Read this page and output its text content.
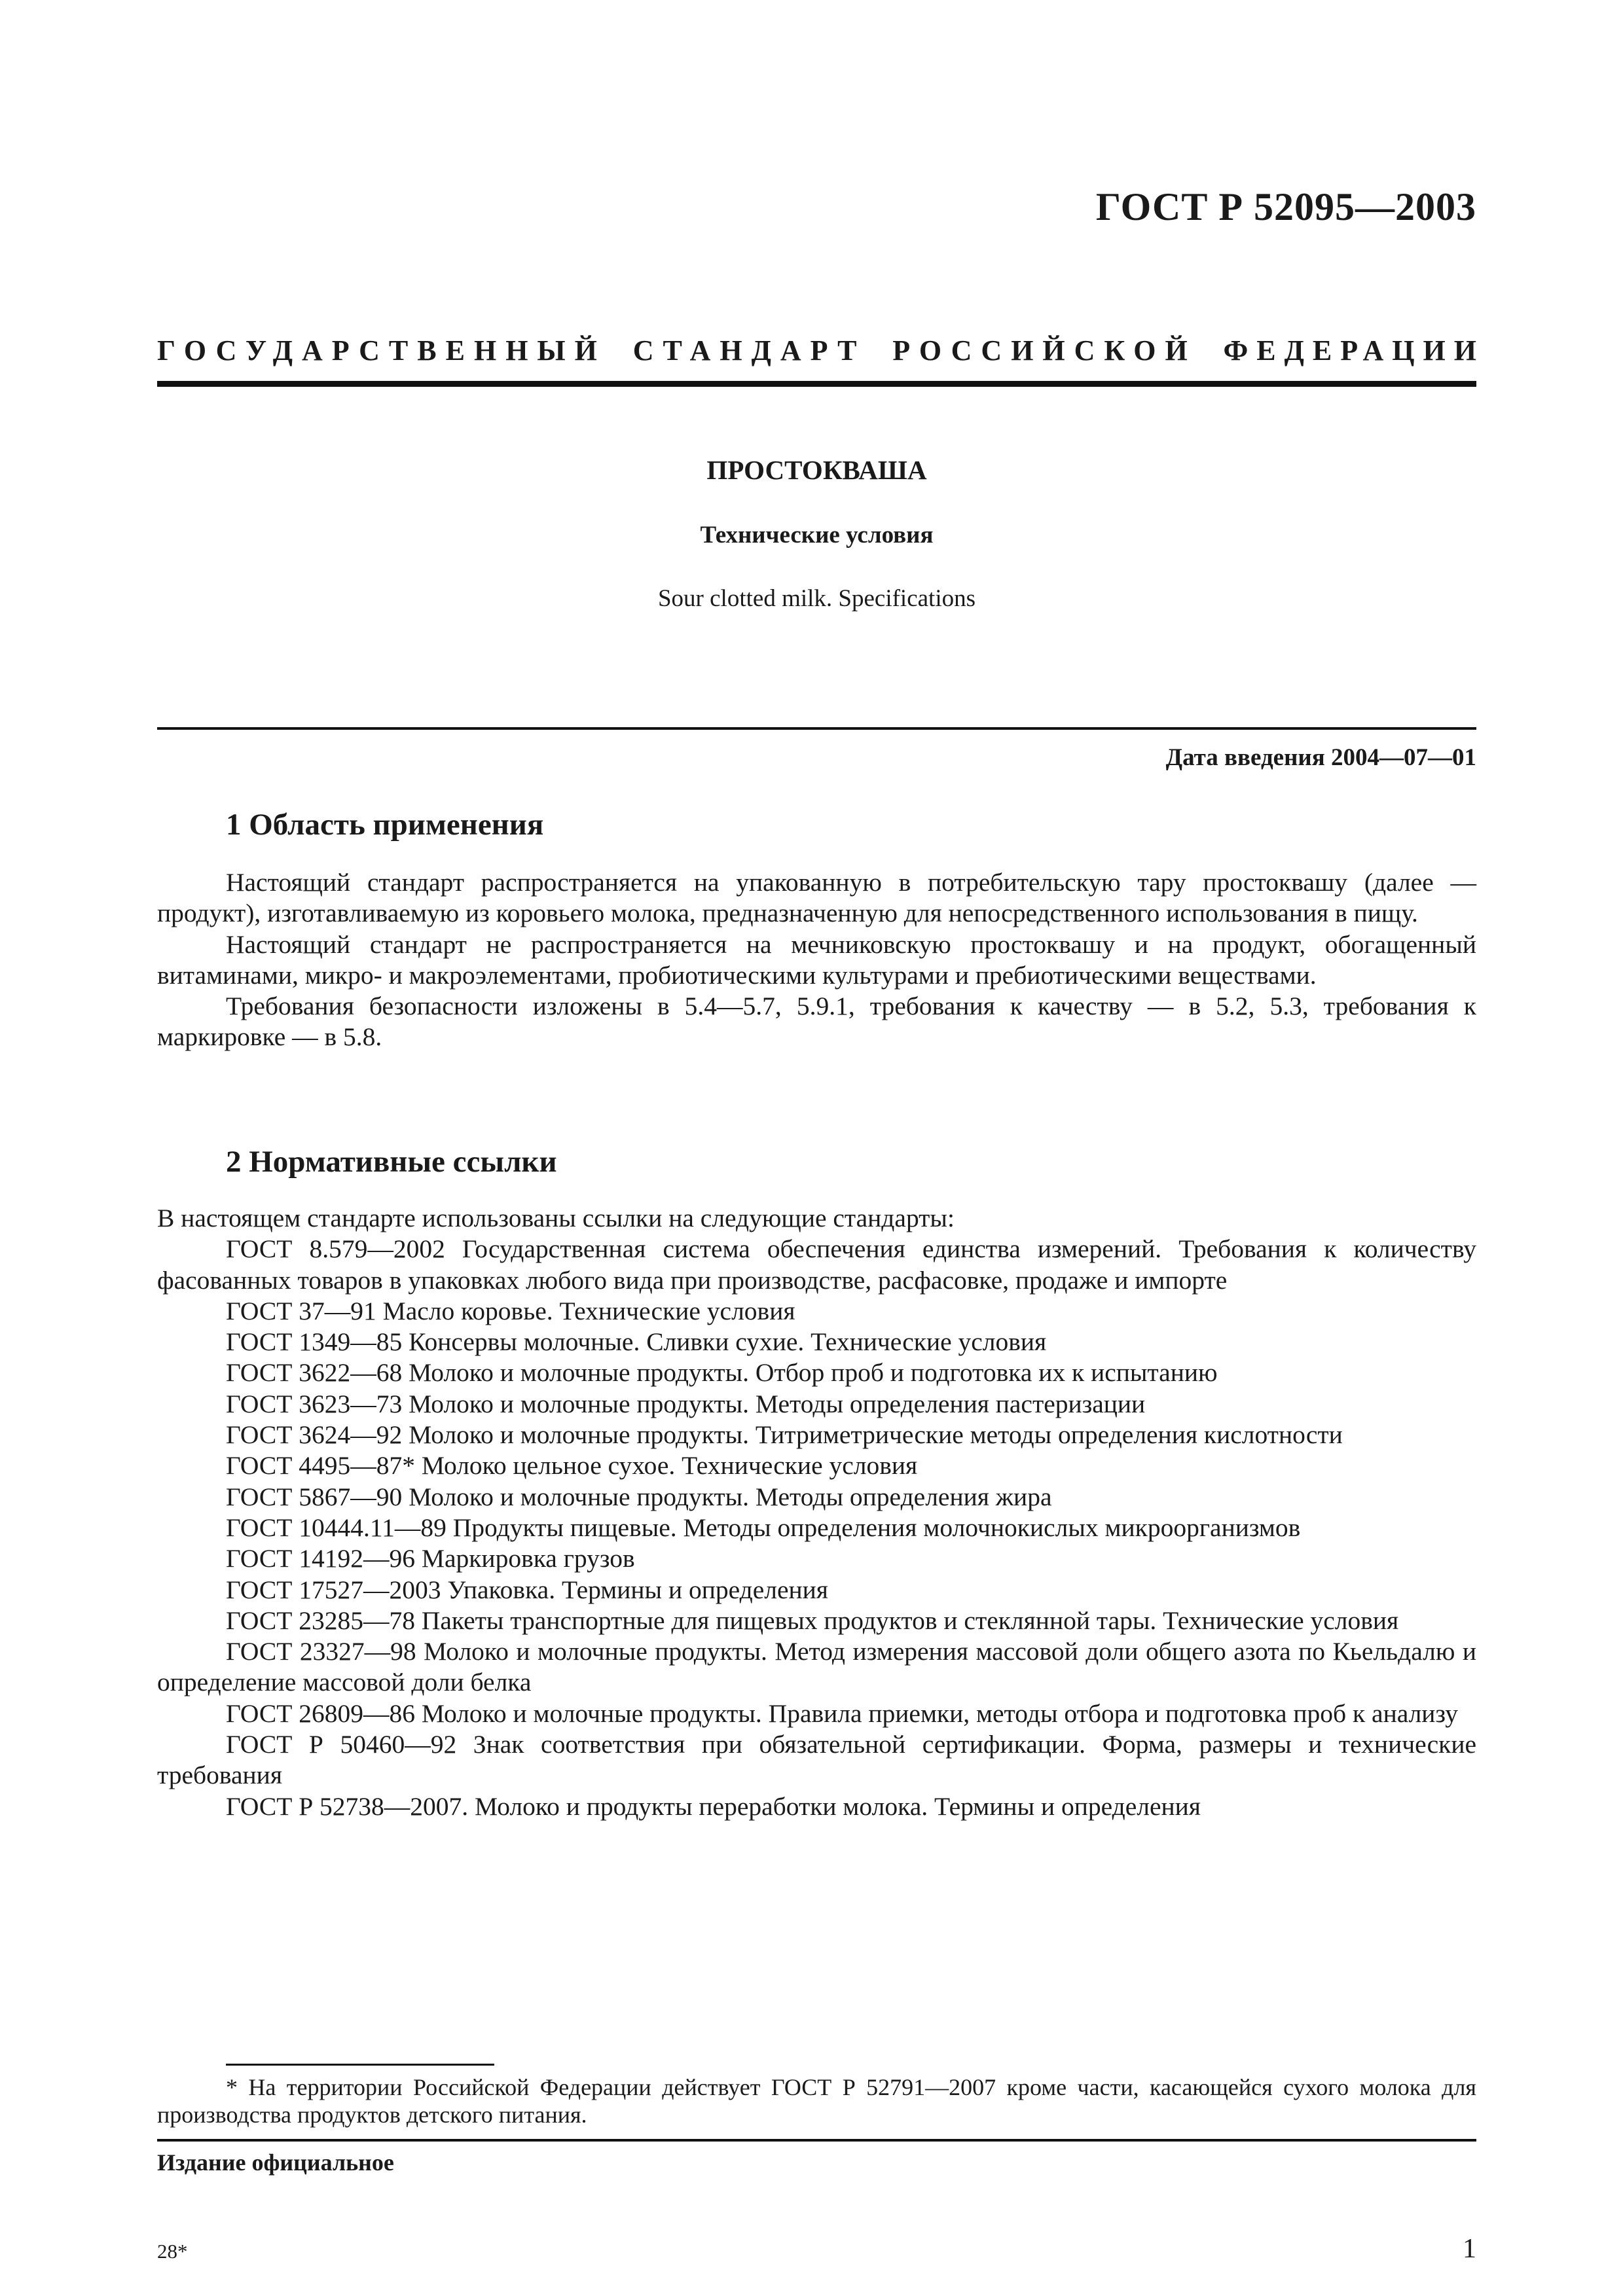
ГОСТ Р 52095—2003
ГОСУДАРСТВЕННЫЙ СТАНДАРТ РОССИЙСКОЙ ФЕДЕРАЦИИ
ПРОСТОКВАША
Технические условия
Sour clotted milk. Specifications
Дата введения 2004—07—01
1 Область применения

Настоящий стандарт распространяется на упакованную в потребительскую тару простоквашу (далее — продукт), изготавливаемую из коровьего молока, предназначенную для непосредственного использования в пищу.

Настоящий стандарт не распространяется на мечниковскую простоквашу и на продукт, обогащенный витаминами, микро- и макроэлементами, пробиотическими культурами и пребиотическими веществами.

Требования безопасности изложены в 5.4—5.7, 5.9.1, требования к качеству — в 5.2, 5.3, требования к маркировке — в 5.8.

2 Нормативные ссылки

В настоящем стандарте использованы ссылки на следующие стандарты:

ГОСТ 8.579—2002 Государственная система обеспечения единства измерений. Требования к количеству фасованных товаров в упаковках любого вида при производстве, расфасовке, продаже и импорте

ГОСТ 37—91 Масло коровье. Технические условия

ГОСТ 1349—85 Консервы молочные. Сливки сухие. Технические условия

ГОСТ 3622—68 Молоко и молочные продукты. Отбор проб и подготовка их к испытанию

ГОСТ 3623—73 Молоко и молочные продукты. Методы определения пастеризации

ГОСТ 3624—92 Молоко и молочные продукты. Титриметрические методы определения кислотности

ГОСТ 4495—87* Молоко цельное сухое. Технические условия

ГОСТ 5867—90 Молоко и молочные продукты. Методы определения жира

ГОСТ 10444.11—89 Продукты пищевые. Методы определения молочнокислых микроорганизмов

ГОСТ 14192—96 Маркировка грузов

ГОСТ 17527—2003 Упаковка. Термины и определения

ГОСТ 23285—78 Пакеты транспортные для пищевых продуктов и стеклянной тары. Технические условия

ГОСТ 23327—98 Молоко и молочные продукты. Метод измерения массовой доли общего азота по Кьельдалю и определение массовой доли белка

ГОСТ 26809—86 Молоко и молочные продукты. Правила приемки, методы отбора и подготовка проб к анализу

ГОСТ Р 50460—92 Знак соответствия при обязательной сертификации. Форма, размеры и технические требования

ГОСТ Р 52738—2007. Молоко и продукты переработки молока. Термины и определения

* На территории Российской Федерации действует ГОСТ Р 52791—2007 кроме части, касающейся сухого молока для производства продуктов детского питания.

Издание официальное
28*	1
